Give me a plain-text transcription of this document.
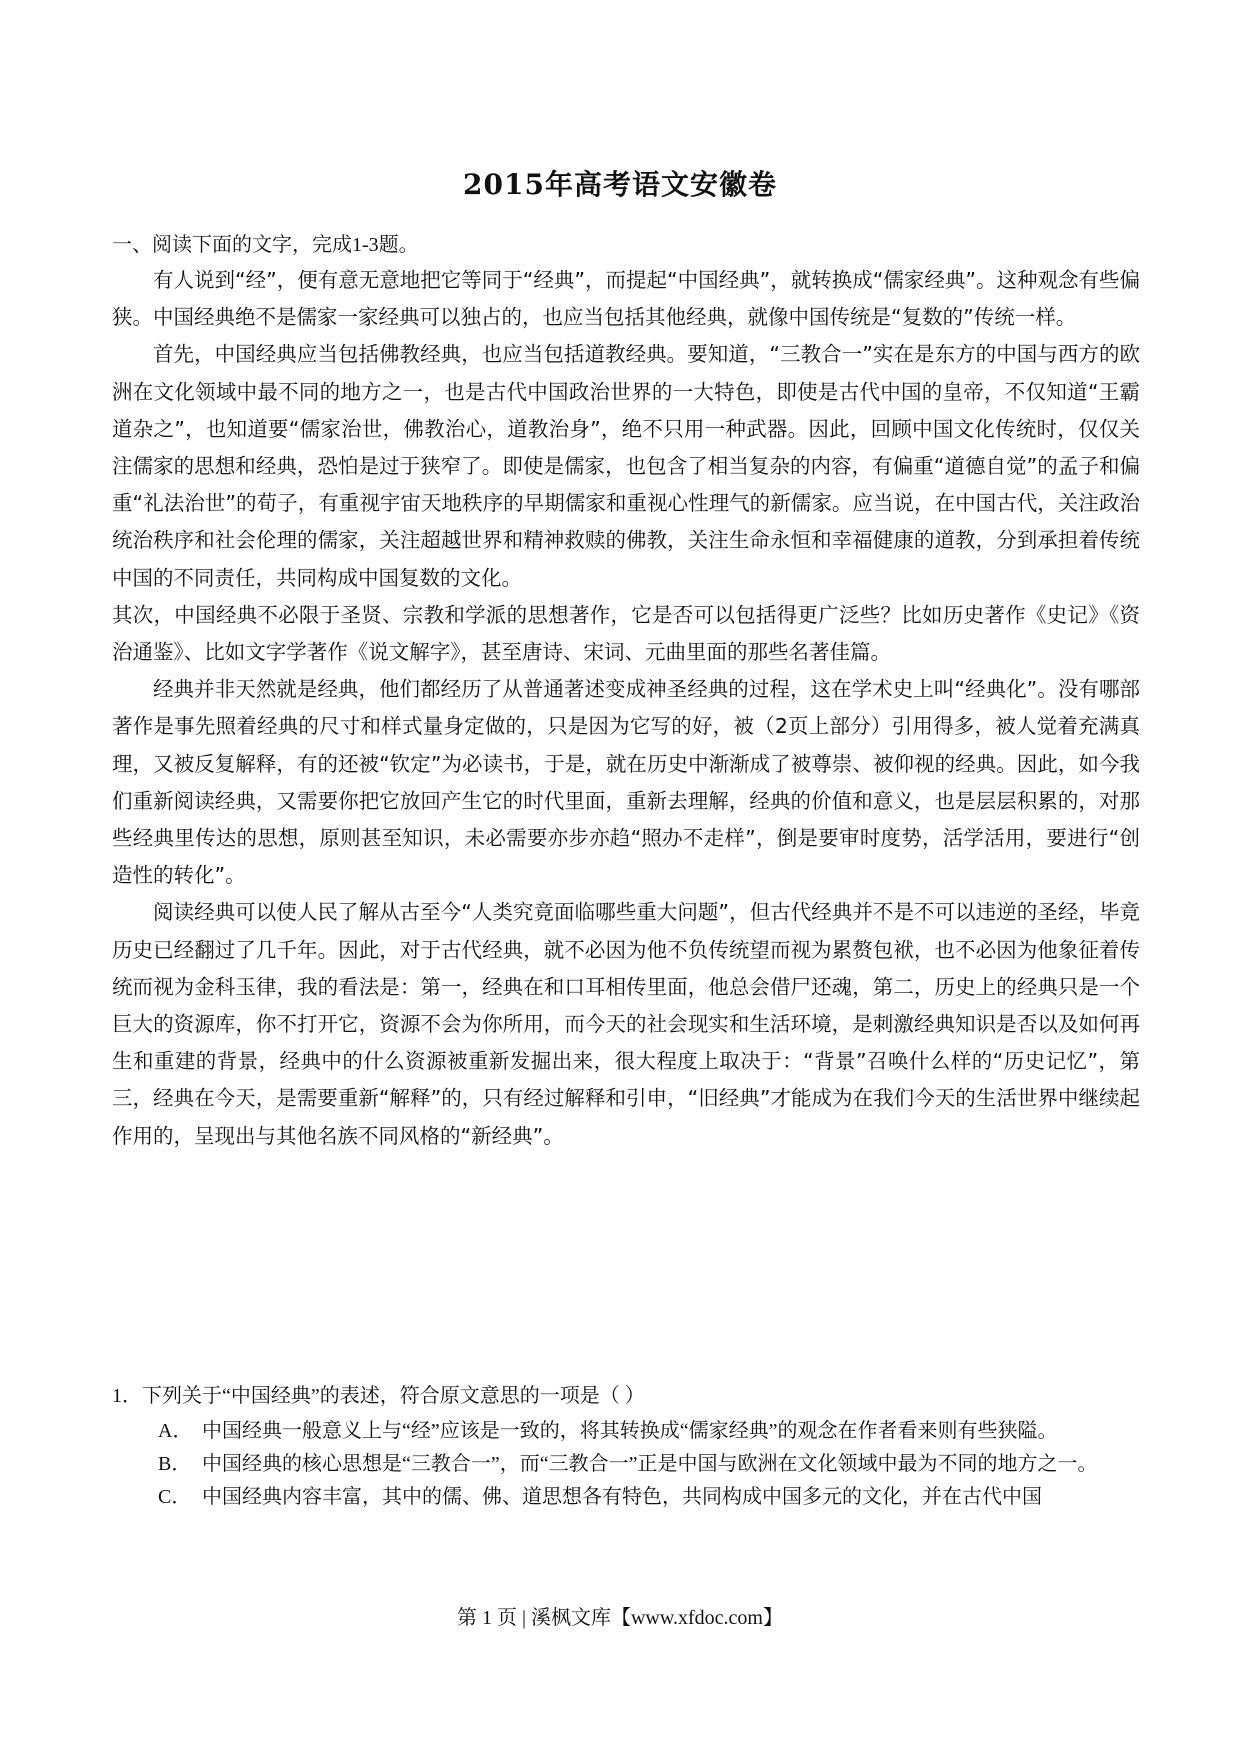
2015年高考语文安徽卷
一、阅读下面的文字，完成1-3题。

有人说到“经”，便有意无意地把它等同于“经典”，而提起“中国经典”，就转换成“儒家经典”。这种观念有些偏狭。中国经典绝不是儒家一家经典可以独占的，也应当包括其他经典，就像中国传统是“复数的”传统一样。

首先，中国经典应当包括佛教经典，也应当包括道教经典。要知道，“三教合一”实在是东方的中国与西方的欧洲在文化领域中最不同的地方之一，也是古代中国政治世界的一大特色，即使是古代中国的皇帝，不仅知道“王霸道杂之”，也知道要“儒家治世，佛教治心，道教治身”，绝不只用一种武器。因此，回顾中国文化传统时，仅仅关注儒家的思想和经典，恐怕是过于狭窄了。即使是儒家，也包含了相当复杂的内容，有偏重“道德自觉”的孟子和偏重“礼法治世”的荀子，有重视宇宙天地秩序的早期儒家和重视心性理气的新儒家。应当说，在中国古代，关注政治统治秩序和社会伦理的儒家，关注超越世界和精神救赎的佛教，关注生命永恒和幸福健康的道教，分到承担着传统中国的不同责任，共同构成中国复数的文化。

其次，中国经典不必限于圣贤、宗教和学派的思想著作，它是否可以包括得更广泛些？比如历史著作《史记》《资治通鉴》、比如文字学著作《说文解字》，甚至唐诗、宋词、元曲里面的那些名著佳篇。

经典并非天然就是经典，他们都经历了从普通著述变成神圣经典的过程，这在学术史上叫“经典化”。没有哪部著作是事先照着经典的尺寸和样式量身定做的，只是因为它写的好，被（2页上部分）引用得多，被人觉着充满真理，又被反复解释，有的还被“钦定”为必读书，于是，就在历史中渐渐成了被尊崇、被仰视的经典。因此，如今我们重新阅读经典，又需要你把它放回产生它的时代里面，重新去理解，经典的价值和意义，也是层层积累的，对那些经典里传达的思想，原则甚至知识，未必需要亦步亦趋“照办不走样”，倒是要审时度势，活学活用，要进行“创造性的转化”。

阅读经典可以使人民了解从古至今“人类究竟面临哪些重大问题”，但古代经典并不是不可以违逆的圣经，毕竟历史已经翻过了几千年。因此，对于古代经典，就不必因为他不负传统望而视为累赘包袱，也不必因为他象征着传统而视为金科玉律，我的看法是：第一，经典在和口耳相传里面，他总会借尸还魂，第二，历史上的经典只是一个巨大的资源库，你不打开它，资源不会为你所用，而今天的社会现实和生活环境，是刺激经典知识是否以及如何再生和重建的背景，经典中的什么资源被重新发掘出来，很大程度上取决于：“背景”召唤什么样的“历史记忆”，第三，经典在今天，是需要重新“解释”的，只有经过解释和引申，“旧经典”才能成为在我们今天的生活世界中继续起作用的，呈现出与其他名族不同风格的“新经典”。

1．下列关于“中国经典”的表述，符合原文意思的一项是（ ）
A． 中国经典一般意义上与“经”应该是一致的，将其转换成“儒家经典”的观念在作者看来则有些狭隘。
B． 中国经典的核心思想是“三教合一”，而“三教合一”正是中国与欧洲在文化领域中最为不同的地方之一。
C． 中国经典内容丰富，其中的儒、佛、道思想各有特色，共同构成中国多元的文化，并在古代中国
第 1 页 | 溪枫文库【www.xfdoc.com】
